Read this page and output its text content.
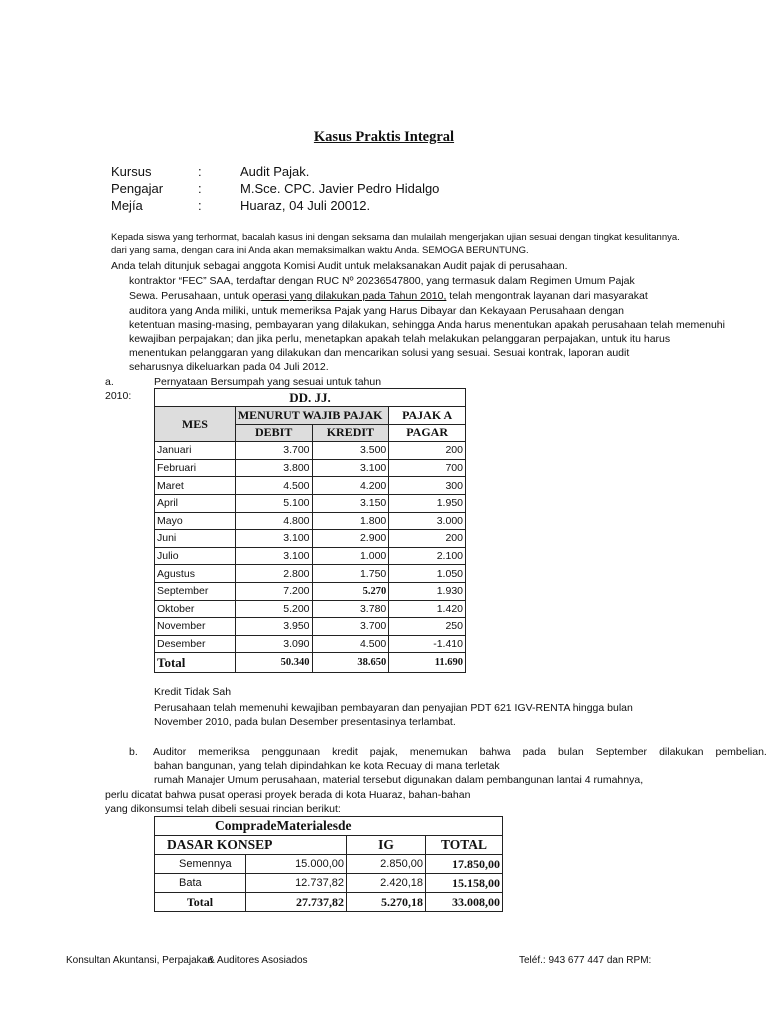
Kasus Praktis Integral
Kursus	:	Audit Pajak.
Pengajar	:	M.Sce. CPC. Javier Pedro Hidalgo
Mejía	:	Huaraz, 04 Juli 20012.
Kepada siswa yang terhormat, bacalah kasus ini dengan seksama dan mulailah mengerjakan ujian sesuai dengan tingkat kesulitannya.
dari yang sama, dengan cara ini Anda akan memaksimalkan waktu Anda. SEMOGA BERUNTUNG.
Anda telah ditunjuk sebagai anggota Komisi Audit untuk melaksanakan Audit pajak di perusahaan.
kontraktor “FEC” SAA, terdaftar dengan RUC Nº 20236547800, yang termasuk dalam Regimen Umum Pajak
Sewa. Perusahaan, untuk operasi yang dilakukan pada Tahun 2010, telah mengontrak layanan dari masyarakat
auditora yang Anda miliki, untuk memeriksa Pajak yang Harus Dibayar dan Kekayaan Perusahaan dengan
ketentuan masing-masing, pembayaran yang dilakukan, sehingga Anda harus menentukan apakah perusahaan telah memenuhi
kewajiban perpajakan; dan jika perlu, menetapkan apakah telah melakukan pelanggaran perpajakan, untuk itu harus
menentukan pelanggaran yang dilakukan dan mencarikan solusi yang sesuai. Sesuai kontrak, laporan audit
seharusnya dikeluarkan pada 04 Juli 2012.
a.	Pernyataan Bersumpah yang sesuai untuk tahun
2010:	DD. JJ.			
MES	MENURUT WAJIB PAJAK		PAJAK A
	DEBIT	KREDIT	PAGAR
Januari	3.700	3.500	200
Februari	3.800	3.100	700
Maret	4.500	4.200	300
April	5.100	3.150	1.950
Mayo	4.800	1.800	3.000
Juni	3.100	2.900	200
Julio	3.100	1.000	2.100
Agustus	2.800	1.750	1.050
September	7.200	5.270	1.930
Oktober	5.200	3.780	1.420
November	3.950	3.700	250
Desember	3.090	4.500	-1.410
Total	50.340	38.650	11.690
Kredit Tidak Sah
Perusahaan telah memenuhi kewajiban pembayaran dan penyajian PDT 621 IGV-RENTA hingga bulan
November 2010, pada bulan Desember presentasinya terlambat.
b. Auditor memeriksa penggunaan kredit pajak, menemukan bahwa pada bulan September dilakukan pembelian.
bahan bangunan, yang telah dipindahkan ke kota Recuay di mana terletak
rumah Manajer Umum perusahaan, material tersebut digunakan dalam pembangunan lantai 4 rumahnya,
perlu dicatat bahwa pusat operasi proyek berada di kota Huaraz, bahan-bahan
yang dikonsumsi telah dibeli sesuai rincian berikut:
CompradeMaterialesde			
DASAR KONSEP		IG	TOTAL
Semennya	15.000,00	2.850,00	17.850,00
Bata	12.737,82	2.420,18	15.158,00
Total	27.737,82	5.270,18	33.008,00
Konsultan Akuntansi, Perpajakan
& Auditores Asosiados	Teléf.: 943 677 447 dan RPM:
